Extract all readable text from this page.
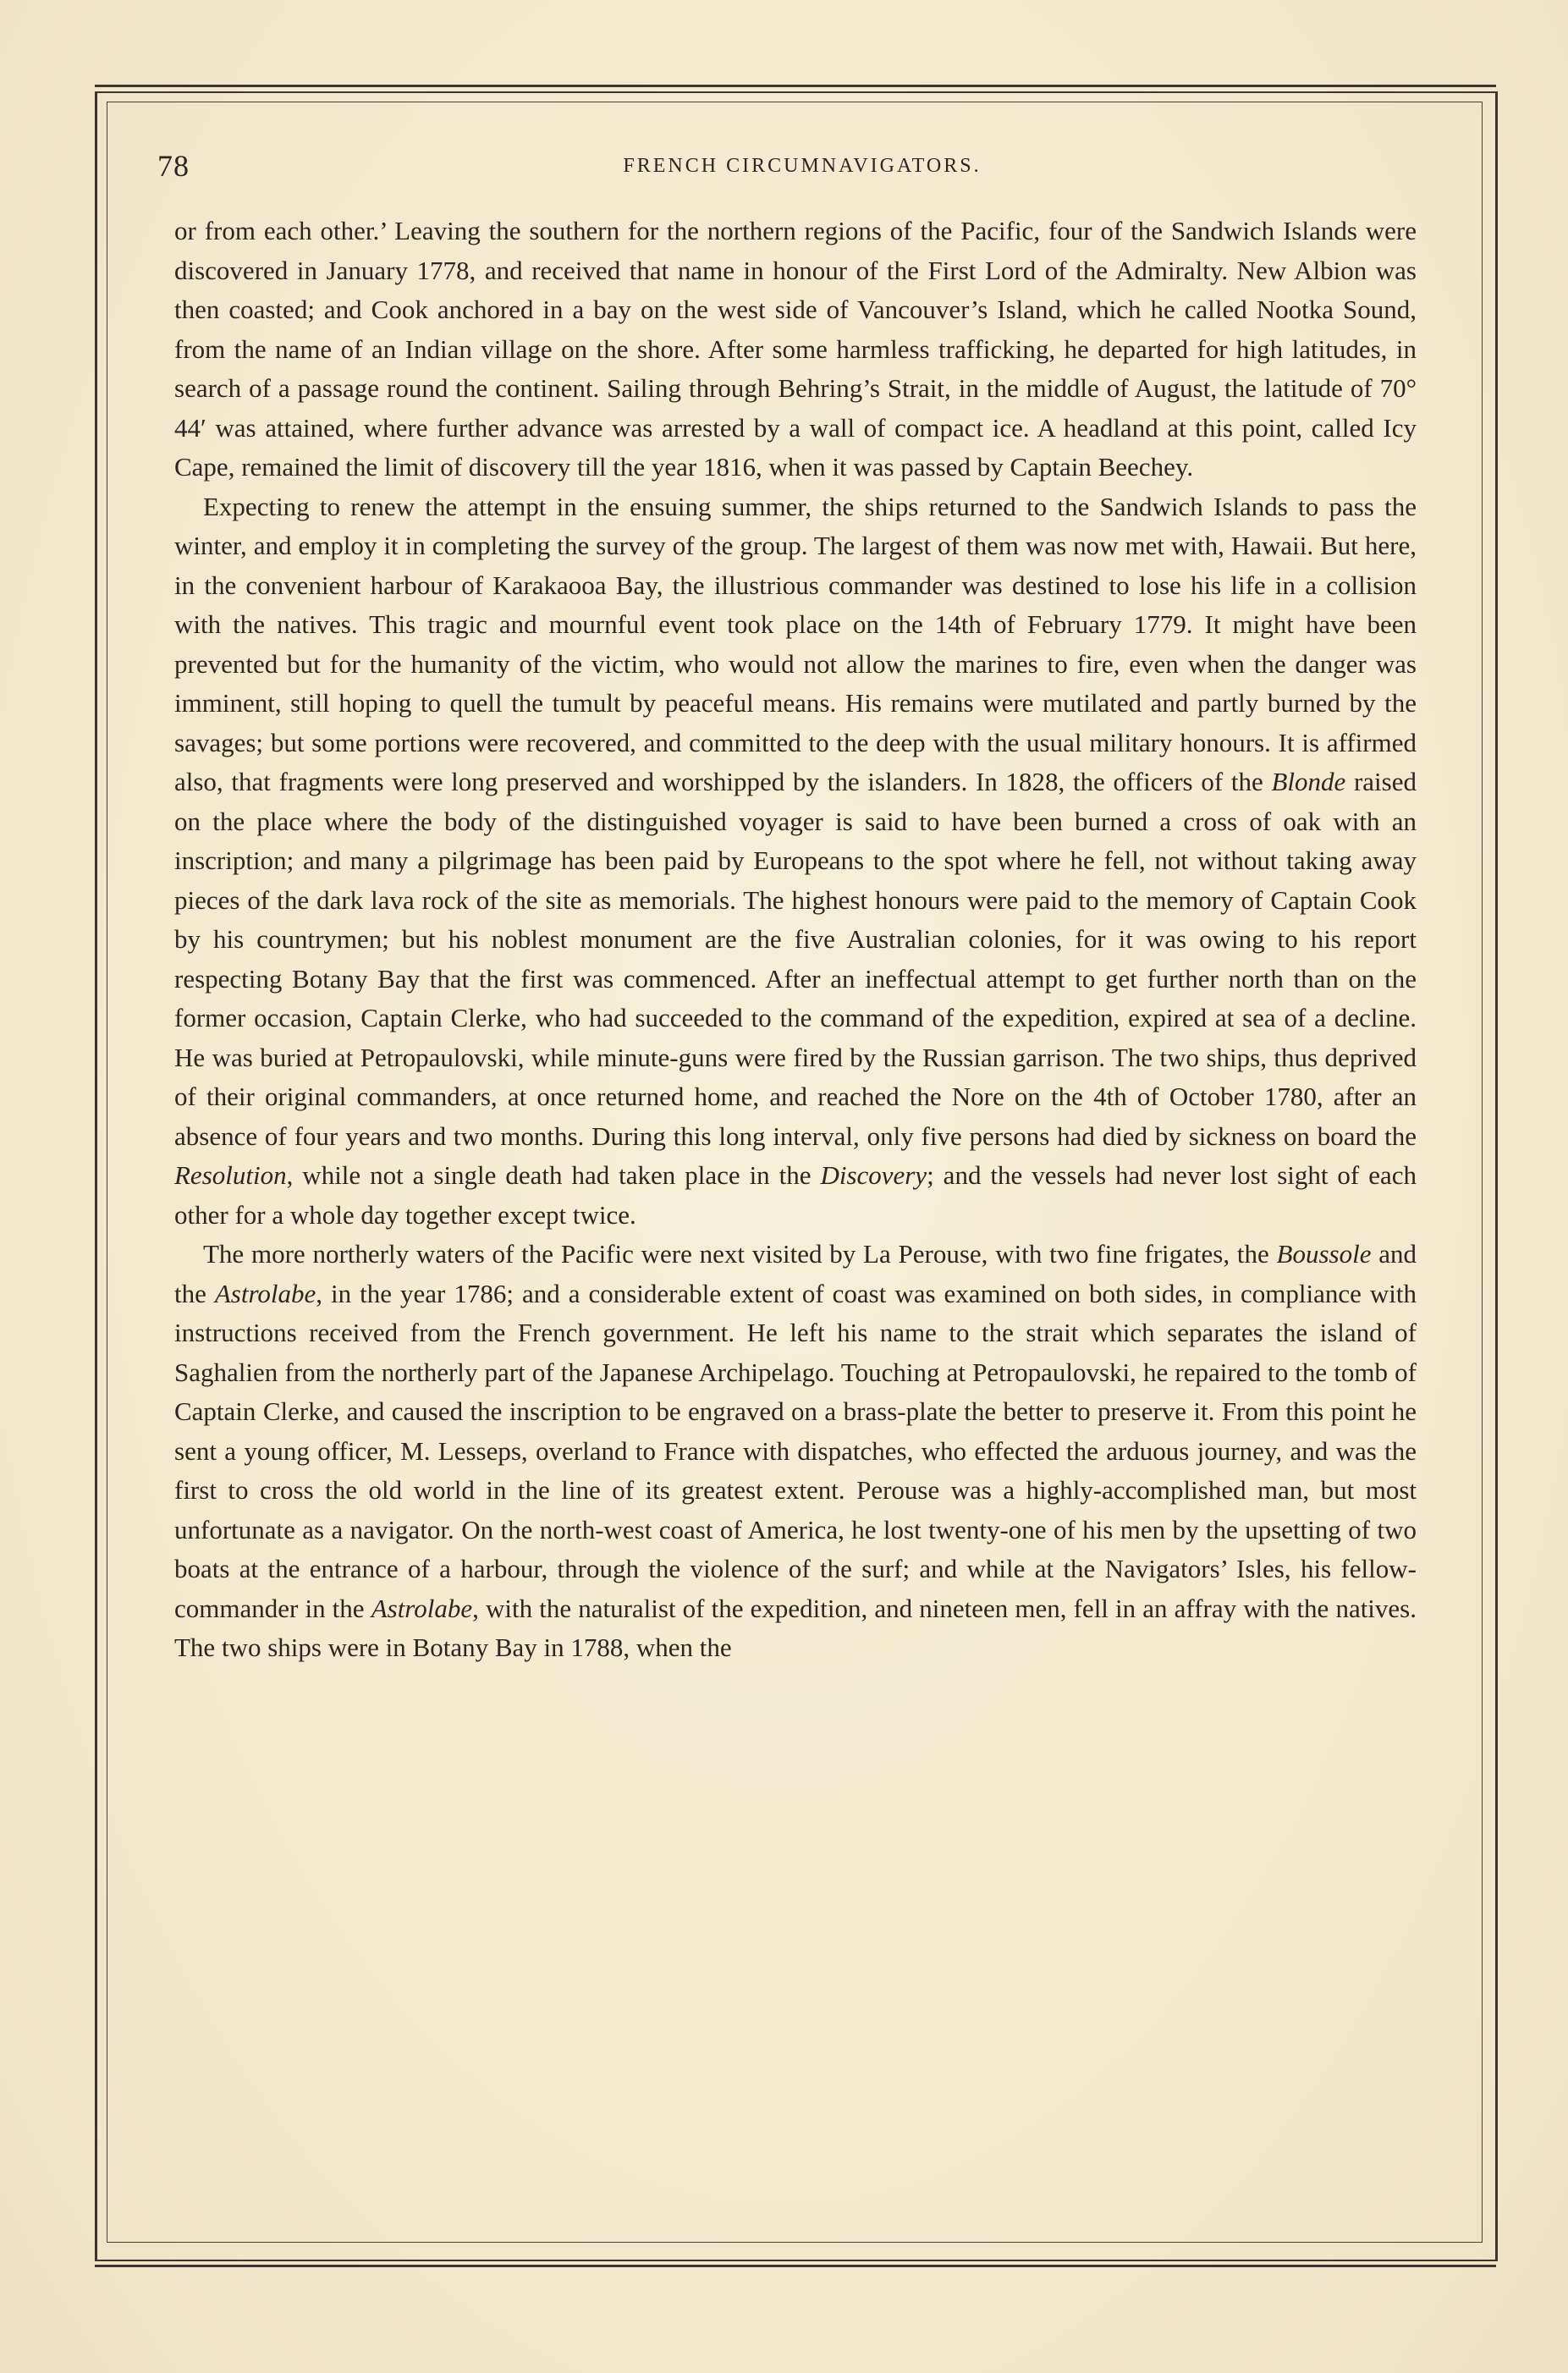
78	FRENCH CIRCUMNAVIGATORS.

or from each other.’ Leaving the southern for the northern regions of the Pacific, four of the Sandwich Islands were discovered in January 1778, and received that name in honour of the First Lord of the Admiralty. New Albion was then coasted; and Cook anchored in a bay on the west side of Vancouver’s Island, which he called Nootka Sound, from the name of an Indian village on the shore. After some harmless trafficking, he departed for high latitudes, in search of a passage round the continent. Sailing through Behring’s Strait, in the middle of August, the latitude of 70° 44′ was attained, where further advance was arrested by a wall of compact ice. A headland at this point, called Icy Cape, remained the limit of discovery till the year 1816, when it was passed by Captain Beechey.

Expecting to renew the attempt in the ensuing summer, the ships returned to the Sandwich Islands to pass the winter, and employ it in completing the survey of the group. The largest of them was now met with, Hawaii. But here, in the convenient harbour of Karakaooa Bay, the illustrious commander was destined to lose his life in a collision with the natives. This tragic and mournful event took place on the 14th of February 1779. It might have been prevented but for the humanity of the victim, who would not allow the marines to fire, even when the danger was imminent, still hoping to quell the tumult by peaceful means. His remains were mutilated and partly burned by the savages; but some portions were recovered, and committed to the deep with the usual military honours. It is affirmed also, that fragments were long preserved and worshipped by the islanders. In 1828, the officers of the Blonde raised on the place where the body of the distinguished voyager is said to have been burned a cross of oak with an inscription; and many a pilgrimage has been paid by Europeans to the spot where he fell, not without taking away pieces of the dark lava rock of the site as memorials. The highest honours were paid to the memory of Captain Cook by his countrymen; but his noblest monument are the five Australian colonies, for it was owing to his report respecting Botany Bay that the first was commenced. After an ineffectual attempt to get further north than on the former occasion, Captain Clerke, who had succeeded to the command of the expedition, expired at sea of a decline. He was buried at Petropaulovski, while minute-guns were fired by the Russian garrison. The two ships, thus deprived of their original commanders, at once returned home, and reached the Nore on the 4th of October 1780, after an absence of four years and two months. During this long interval, only five persons had died by sickness on board the Resolution, while not a single death had taken place in the Discovery; and the vessels had never lost sight of each other for a whole day together except twice.

The more northerly waters of the Pacific were next visited by La Perouse, with two fine frigates, the Boussole and the Astrolabe, in the year 1786; and a considerable extent of coast was examined on both sides, in compliance with instructions received from the French government. He left his name to the strait which separates the island of Saghalien from the northerly part of the Japanese Archipelago. Touching at Petropaulovski, he repaired to the tomb of Captain Clerke, and caused the inscription to be engraved on a brass-plate the better to preserve it. From this point he sent a young officer, M. Lesseps, overland to France with dispatches, who effected the arduous journey, and was the first to cross the old world in the line of its greatest extent. Perouse was a highly-accomplished man, but most unfortunate as a navigator. On the north-west coast of America, he lost twenty-one of his men by the upsetting of two boats at the entrance of a harbour, through the violence of the surf; and while at the Navigators’ Isles, his fellow-commander in the Astrolabe, with the naturalist of the expedition, and nineteen men, fell in an affray with the natives. The two ships were in Botany Bay in 1788, when the
